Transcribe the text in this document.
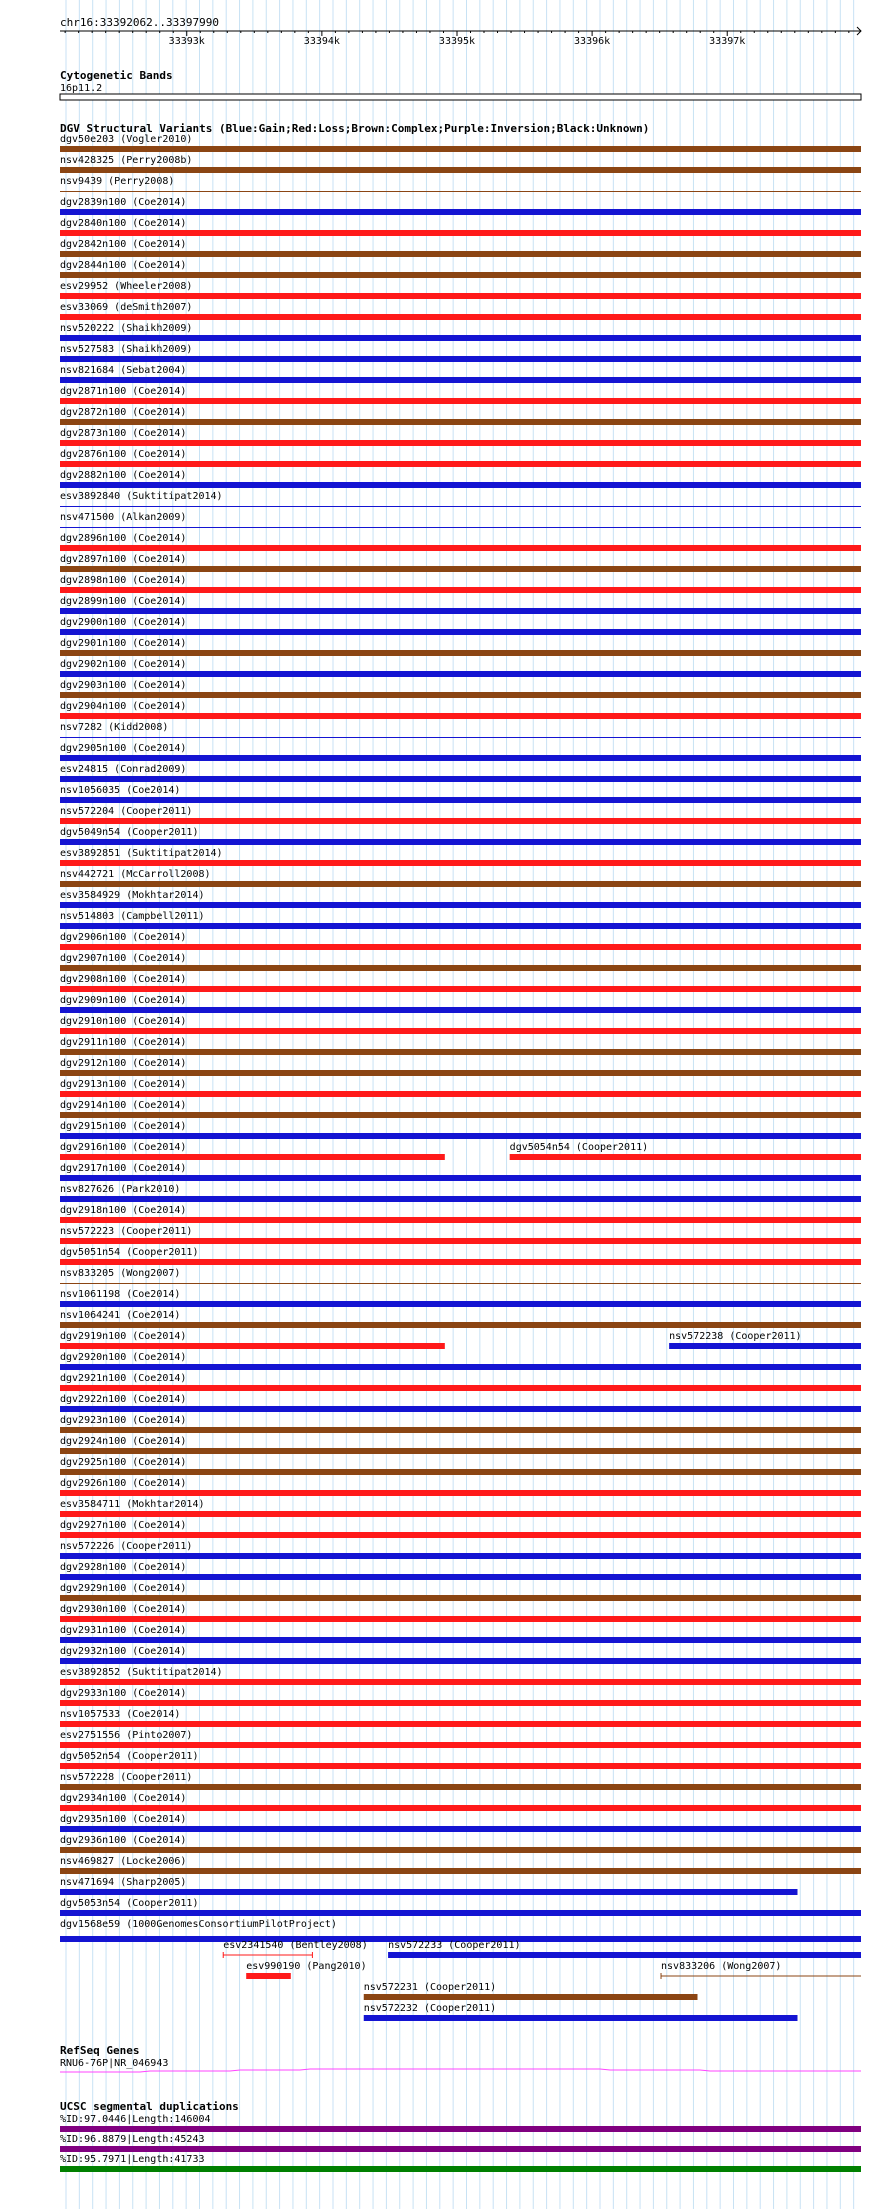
chr16:33392062..33397990
33393k	33394k	33395k	33396k	33397k
Cytogenetic Bands
16p11.2
DGV Structural Variants (Blue:Gain;Red:Loss;Brown:Complex;Purple:Inversion;Black:Unknown)
dgv50e203 (Vogler2010)
nsv428325 (Perry2008b)
nsv9439 (Perry2008)
dgv2839n100 (Coe2014)
dgv2840n100 (Coe2014)
dgv2842n100 (Coe2014)
dgv2844n100 (Coe2014)
esv29952 (Wheeler2008)
esv33069 (deSmith2007)
nsv520222 (Shaikh2009)
nsv527583 (Shaikh2009)
nsv821684 (Sebat2004)
dgv2871n100 (Coe2014)
dgv2872n100 (Coe2014)
dgv2873n100 (Coe2014)
dgv2876n100 (Coe2014)
dgv2882n100 (Coe2014)
esv3892840 (Suktitipat2014)
nsv471500 (Alkan2009)
dgv2896n100 (Coe2014)
dgv2897n100 (Coe2014)
dgv2898n100 (Coe2014)
dgv2899n100 (Coe2014)
dgv2900n100 (Coe2014)
dgv2901n100 (Coe2014)
dgv2902n100 (Coe2014)
dgv2903n100 (Coe2014)
dgv2904n100 (Coe2014)
nsv7282 (Kidd2008)
dgv2905n100 (Coe2014)
esv24815 (Conrad2009)
nsv1056035 (Coe2014)
nsv572204 (Cooper2011)
dgv5049n54 (Cooper2011)
esv3892851 (Suktitipat2014)
nsv442721 (McCarroll2008)
esv3584929 (Mokhtar2014)
nsv514803 (Campbell2011)
dgv2906n100 (Coe2014)
dgv2907n100 (Coe2014)
dgv2908n100 (Coe2014)
dgv2909n100 (Coe2014)
dgv2910n100 (Coe2014)
dgv2911n100 (Coe2014)
dgv2912n100 (Coe2014)
dgv2913n100 (Coe2014)
dgv2914n100 (Coe2014)
dgv2915n100 (Coe2014)
dgv2916n100 (Coe2014)	dgv5054n54 (Cooper2011)
dgv2917n100 (Coe2014)
nsv827626 (Park2010)
dgv2918n100 (Coe2014)
nsv572223 (Cooper2011)
dgv5051n54 (Cooper2011)
nsv833205 (Wong2007)
nsv1061198 (Coe2014)
nsv1064241 (Coe2014)
dgv2919n100 (Coe2014)	nsv572238 (Cooper2011)
dgv2920n100 (Coe2014)
dgv2921n100 (Coe2014)
dgv2922n100 (Coe2014)
dgv2923n100 (Coe2014)
dgv2924n100 (Coe2014)
dgv2925n100 (Coe2014)
dgv2926n100 (Coe2014)
esv3584711 (Mokhtar2014)
dgv2927n100 (Coe2014)
nsv572226 (Cooper2011)
dgv2928n100 (Coe2014)
dgv2929n100 (Coe2014)
dgv2930n100 (Coe2014)
dgv2931n100 (Coe2014)
dgv2932n100 (Coe2014)
esv3892852 (Suktitipat2014)
dgv2933n100 (Coe2014)
nsv1057533 (Coe2014)
esv2751556 (Pinto2007)
dgv5052n54 (Cooper2011)
nsv572228 (Cooper2011)
dgv2934n100 (Coe2014)
dgv2935n100 (Coe2014)
dgv2936n100 (Coe2014)
nsv469827 (Locke2006)
nsv471694 (Sharp2005)
dgv5053n54 (Cooper2011)
dgv1568e59 (1000GenomesConsortiumPilotProject)
esv2341540 (Bentley2008) nsv572233 (Cooper2011)
esv990190 (Pang2010)	nsv833206 (Wong2007)
nsv572231 (Cooper2011)
nsv572232 (Cooper2011)
RefSeq Genes
RNU6-76P|NR_046943
UCSC segmental duplications
%ID:97.0446|Length:146004
%ID:96.8879|Length:45243
%ID:95.7971|Length:41733
